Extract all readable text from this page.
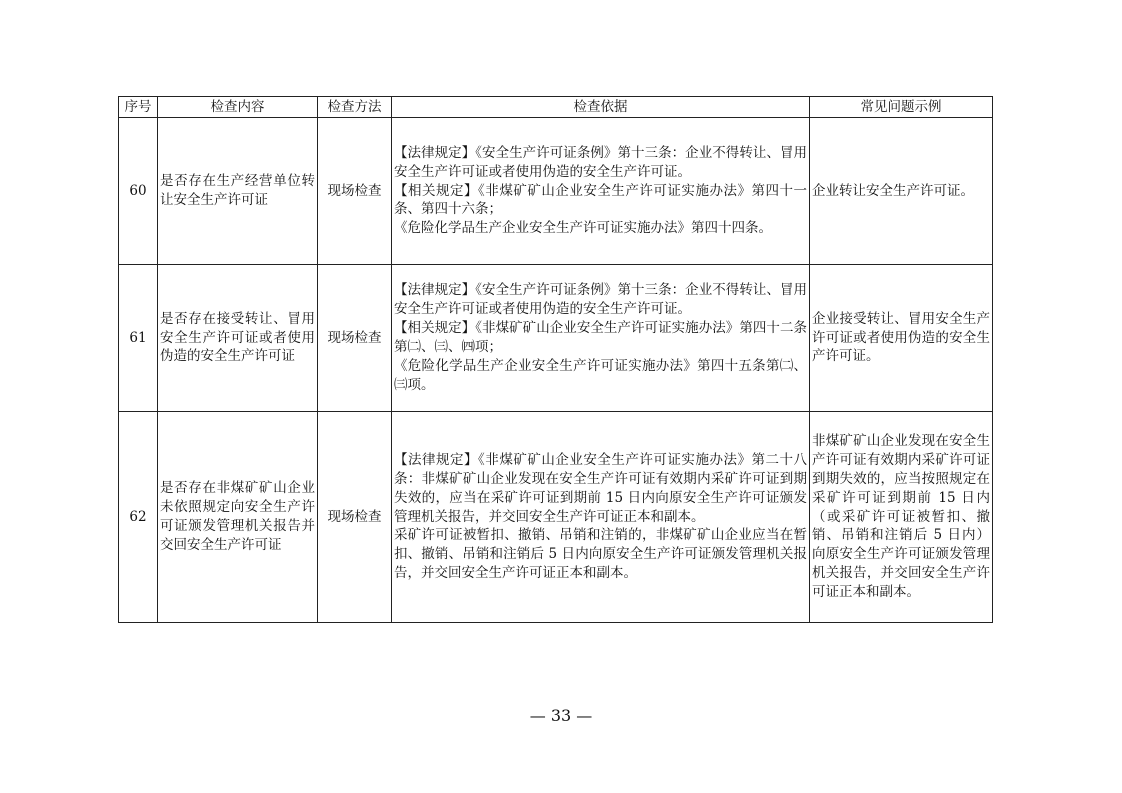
序号	检查内容	检查方法	检查依据	常见问题示例
60	是否存在生产经营单位转让安全生产许可证	现场检查	【法律规定】《安全生产许可证条例》第十三条：企业不得转让、冒用安全生产许可证或者使用伪造的安全生产许可证。
【相关规定】《非煤矿矿山企业安全生产许可证实施办法》第四十一条、第四十六条；
《危险化学品生产企业安全生产许可证实施办法》第四十四条。	企业转让安全生产许可证。
61	是否存在接受转让、冒用安全生产许可证或者使用伪造的安全生产许可证	现场检查	【法律规定】《安全生产许可证条例》第十三条：企业不得转让、冒用安全生产许可证或者使用伪造的安全生产许可证。
【相关规定】《非煤矿矿山企业安全生产许可证实施办法》第四十二条第㈡、㈢、㈣项；
《危险化学品生产企业安全生产许可证实施办法》第四十五条第㈡、㈢项。	企业接受转让、冒用安全生产许可证或者使用伪造的安全生产许可证。
62	是否存在非煤矿矿山企业未依照规定向安全生产许可证颁发管理机关报告并交回安全生产许可证	现场检查	【法律规定】《非煤矿矿山企业安全生产许可证实施办法》第二十八条：非煤矿矿山企业发现在安全生产许可证有效期内采矿许可证到期失效的，应当在采矿许可证到期前 15 日内向原安全生产许可证颁发管理机关报告，并交回安全生产许可证正本和副本。
采矿许可证被暂扣、撤销、吊销和注销的，非煤矿矿山企业应当在暂扣、撤销、吊销和注销后 5 日内向原安全生产许可证颁发管理机关报告，并交回安全生产许可证正本和副本。	非煤矿矿山企业发现在安全生产许可证有效期内采矿许可证到期失效的，应当按照规定在采矿许可证到期前 15 日内（或采矿许可证被暂扣、撤销、吊销和注销后 5 日内）向原安全生产许可证颁发管理机关报告，并交回安全生产许可证正本和副本。
— 33 —
